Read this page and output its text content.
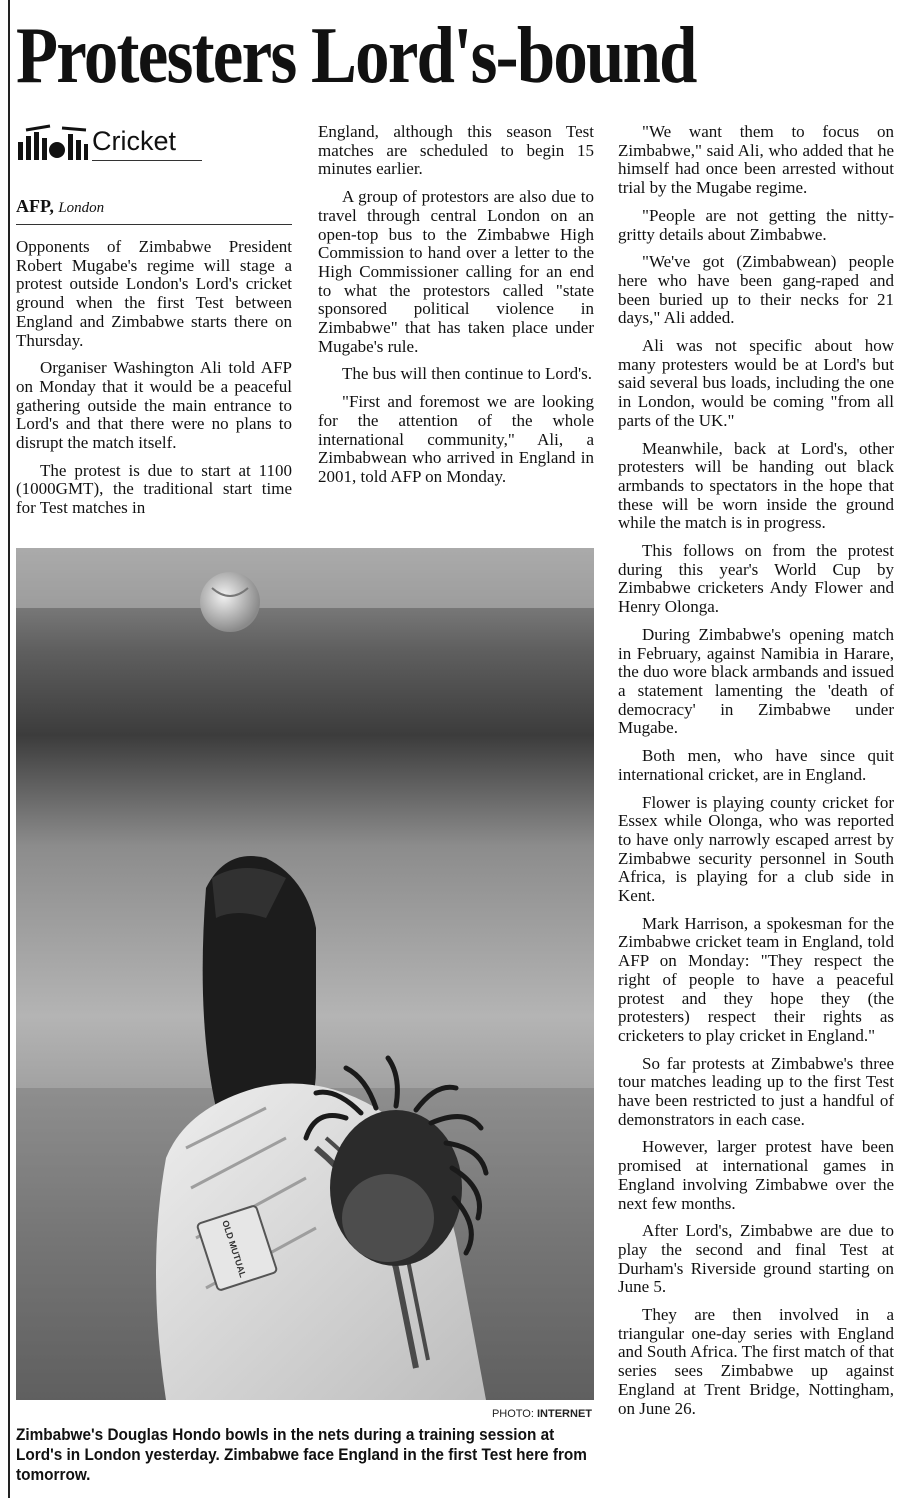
Protesters Lord's-bound
Cricket
AFP, London

Opponents of Zimbabwe President Robert Mugabe's regime will stage a protest outside London's Lord's cricket ground when the first Test between England and Zimbabwe starts there on Thursday.

Organiser Washington Ali told AFP on Monday that it would be a peaceful gathering outside the main entrance to Lord's and that there were no plans to disrupt the match itself.

The protest is due to start at 1100 (1000GMT), the traditional start time for Test matches in

England, although this season Test matches are scheduled to begin 15 minutes earlier.

A group of protestors are also due to travel through central London on an open-top bus to the Zimbabwe High Commission to hand over a letter to the High Commissioner calling for an end to what the protestors called "state sponsored political violence in Zimbabwe" that has taken place under Mugabe's rule.

The bus will then continue to Lord's.

"First and foremost we are looking for the attention of the whole international community," Ali, a Zimbabwean who arrived in England in 2001, told AFP on Monday.

"We want them to focus on Zimbabwe," said Ali, who added that he himself had once been arrested without trial by the Mugabe regime.

"People are not getting the nitty-gritty details about Zimbabwe.

"We've got (Zimbabwean) people here who have been gang-raped and been buried up to their necks for 21 days," Ali added.

Ali was not specific about how many protesters would be at Lord's but said several bus loads, including the one in London, would be coming "from all parts of the UK."

Meanwhile, back at Lord's, other protesters will be handing out black armbands to spectators in the hope that these will be worn inside the ground while the match is in progress.

This follows on from the protest during this year's World Cup by Zimbabwe cricketers Andy Flower and Henry Olonga.

During Zimbabwe's opening match in February, against Namibia in Harare, the duo wore black armbands and issued a statement lamenting the 'death of democracy' in Zimbabwe under Mugabe.

Both men, who have since quit international cricket, are in England.

Flower is playing county cricket for Essex while Olonga, who was reported to have only narrowly escaped arrest by Zimbabwe security personnel in South Africa, is playing for a club side in Kent.

Mark Harrison, a spokesman for the Zimbabwe cricket team in England, told AFP on Monday: "They respect the right of people to have a peaceful protest and they hope they (the protesters) respect their rights as cricketers to play cricket in England."

So far protests at Zimbabwe's three tour matches leading up to the first Test have been restricted to just a handful of demonstrators in each case.

However, larger protest have been promised at international games in England involving Zimbabwe over the next few months.

After Lord's, Zimbabwe are due to play the second and final Test at Durham's Riverside ground starting on June 5.

They are then involved in a triangular one-day series with England and South Africa. The first match of that series sees Zimbabwe up against England at Trent Bridge, Nottingham, on June 26.

OLD MUTUAL
PHOTO: INTERNET
Zimbabwe's Douglas Hondo bowls in the nets during a training session at Lord's in London yesterday. Zimbabwe face England in the first Test here from tomorrow.
